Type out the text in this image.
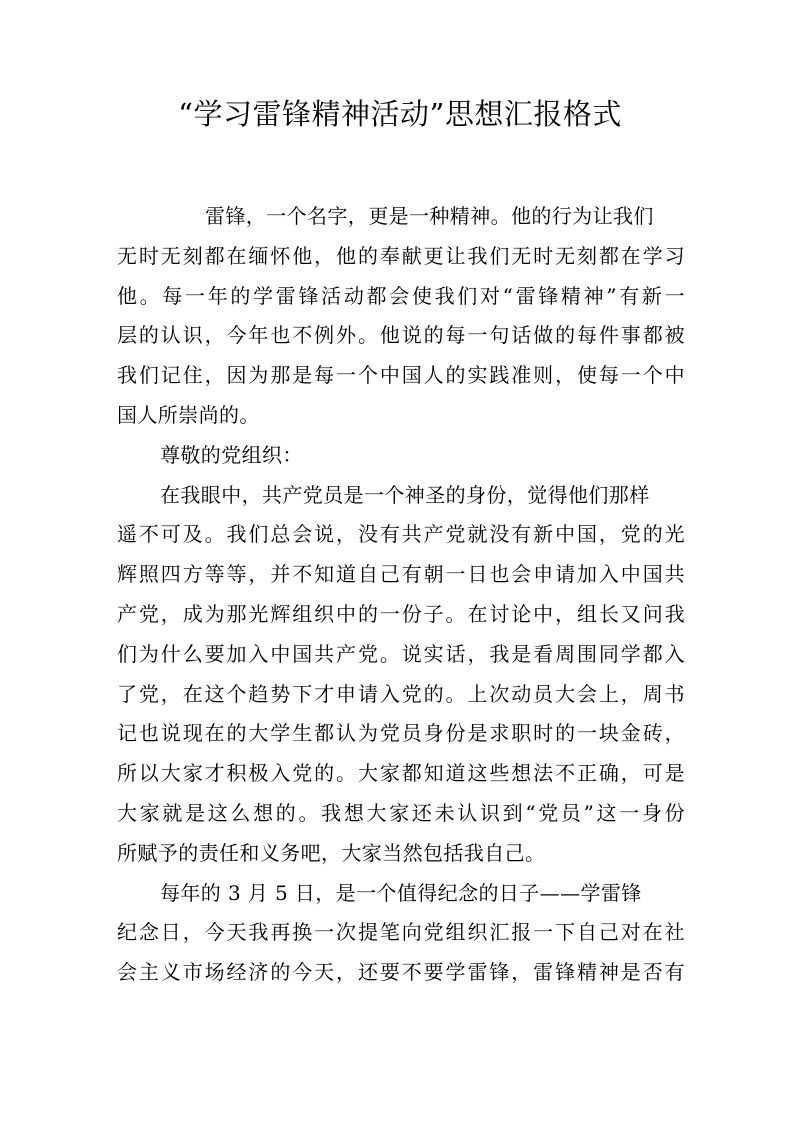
“学习雷锋精神活动”思想汇报格式
雷锋，一个名字，更是一种精神。他的行为让我们
无时无刻都在缅怀他，他的奉献更让我们无时无刻都在学习
他。每一年的学雷锋活动都会使我们对“雷锋精神”有新一
层的认识，今年也不例外。他说的每一句话做的每件事都被
我们记住，因为那是每一个中国人的实践准则，使每一个中
国人所崇尚的。
尊敬的党组织：
在我眼中，共产党员是一个神圣的身份，觉得他们那样
遥不可及。我们总会说，没有共产党就没有新中国，党的光
辉照四方等等，并不知道自己有朝一日也会申请加入中国共
产党，成为那光辉组织中的一份子。在讨论中，组长又问我
们为什么要加入中国共产党。说实话，我是看周围同学都入
了党，在这个趋势下才申请入党的。上次动员大会上，周书
记也说现在的大学生都认为党员身份是求职时的一块金砖，
所以大家才积极入党的。大家都知道这些想法不正确，可是
大家就是这么想的。我想大家还未认识到“党员”这一身份
所赋予的责任和义务吧，大家当然包括我自己。
每年的 3 月 5 日，是一个值得纪念的日子——学雷锋
纪念日，今天我再换一次提笔向党组织汇报一下自己对在社
会主义市场经济的今天，还要不要学雷锋，雷锋精神是否有
